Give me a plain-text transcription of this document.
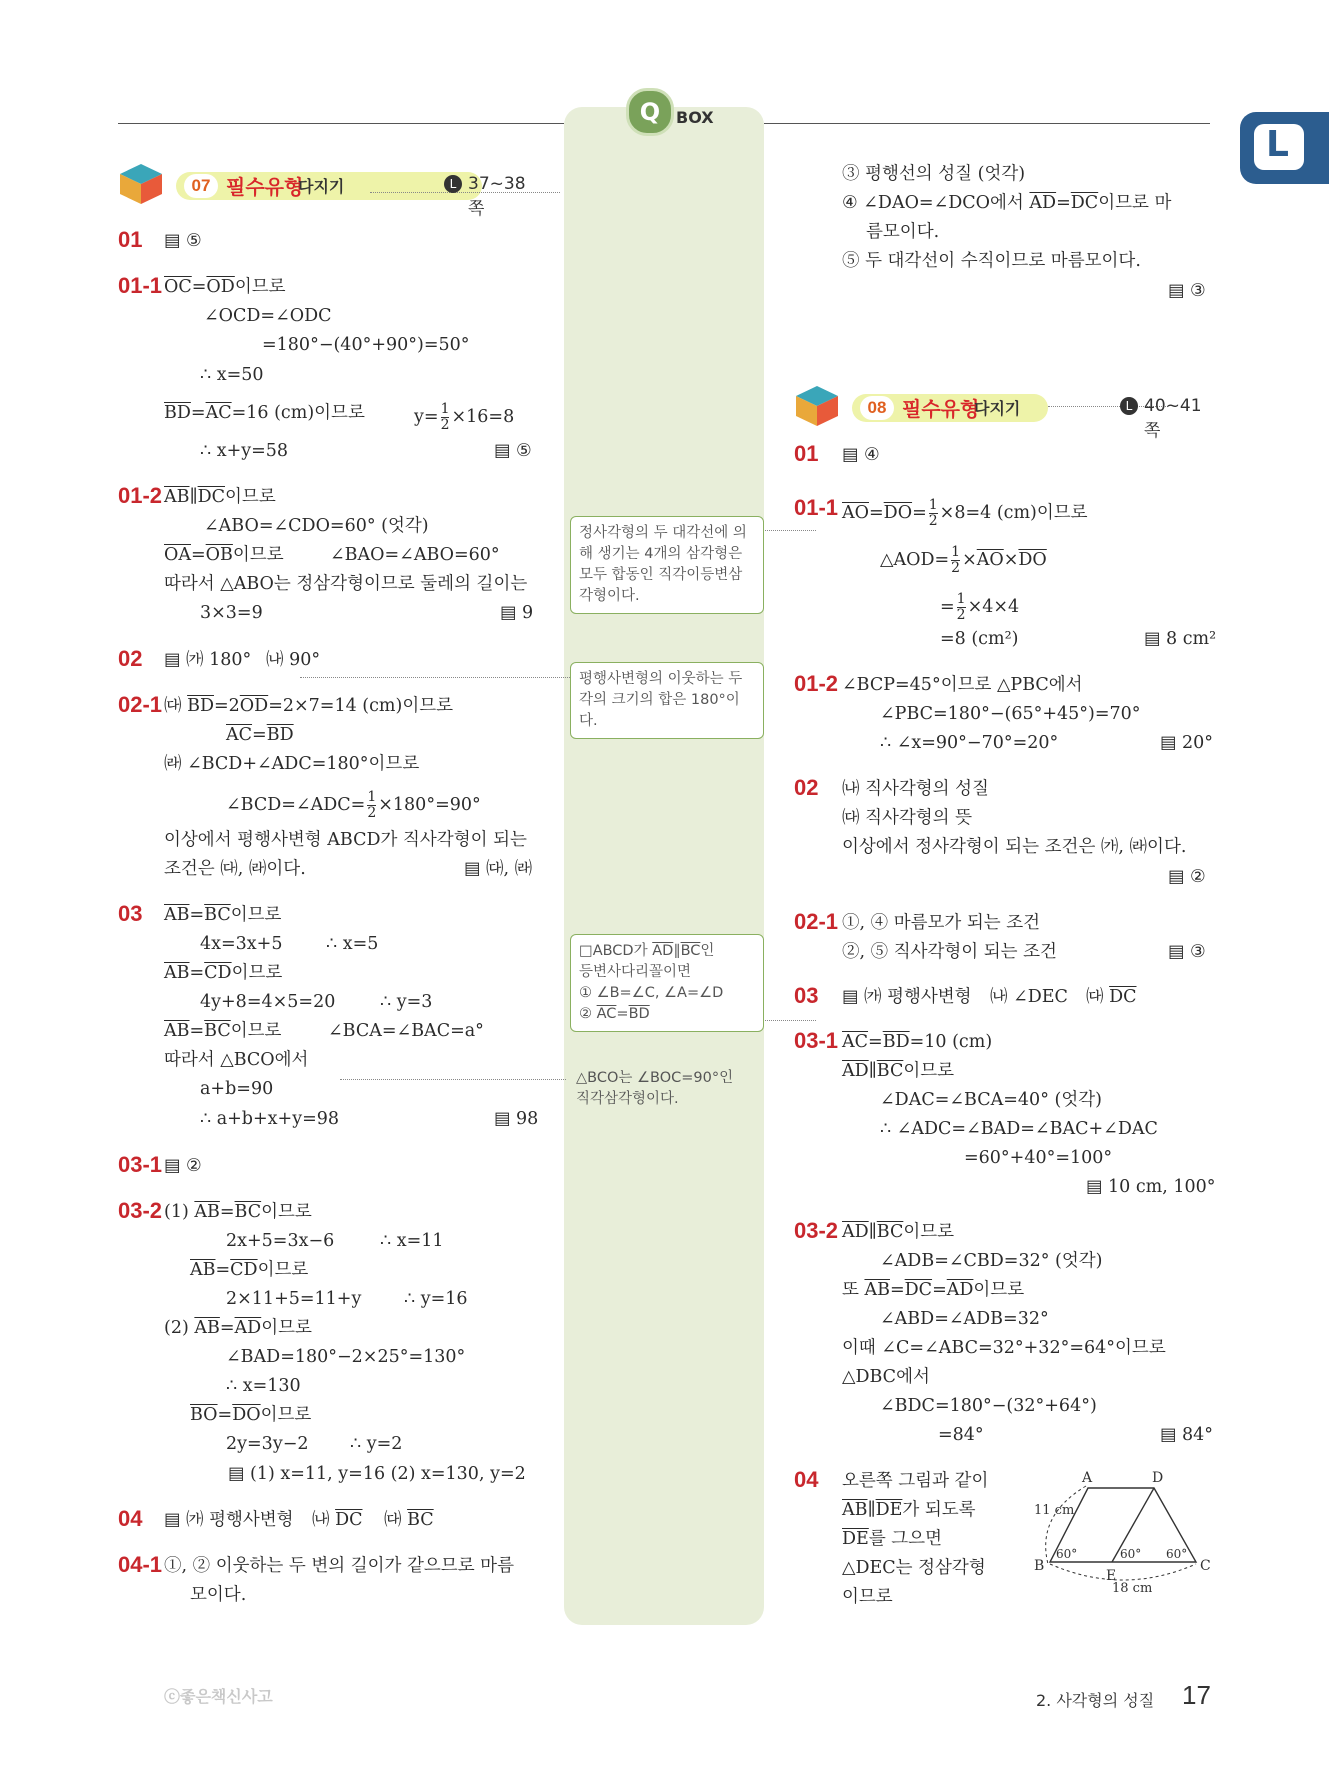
Q BOX
L
07 필수유형
다지기	L 37~38쪽
01 ▤ ⑤
01-1 $\overline{OC}=\overline{OD}$이므로
∠OCD=∠ODC
=180°−(40°+90°)=50°
∴ x=50
$\overline{BD}=\overline{AC}=16$ (cm)이므로	$y= \frac{1}{2} \times 16=8$
∴ x+y=58	▤ ⑤
01-2 $\overline{AB}\parallel\overline{DC}$이므로
∠ABO=∠CDO=60° (엇각)
$\overline{OA}=\overline{OB}$이므로	∠BAO=∠ABO=60°
따라서 △ABO는 정삼각형이므로 둘레의 길이는
3×3=9	▤ 9
02 ▤ ㈎ 180° ㈏ 90°
02-1 ㈐ $\overline{BD}=2\overline{OD}=2\times 7=14$ (cm)이므로
$\overline{AC}=\overline{BD}$
㈑ ∠BCD+∠ADC=180°이므로
∠BCD=∠ADC= $\frac{1}{2} \times 180^\circ=90^\circ$
이상에서 평행사변형 ABCD가 직사각형이 되는
조건은 ㈐, ㈑이다.	▤ ㈐, ㈑
03 $\overline{AB}=\overline{BC}$이므로
4x=3x+5 ∴ x=5
$\overline{AB}=\overline{CD}$이므로
4y+8=4×5=20	∴ y=3
$\overline{AB}=\overline{BC}$이므로	∠BCA=∠BAC=a°
따라서 △BCO에서
a+b=90
∴ a+b+x+y=98	▤ 98
03-1 ▤ ②
03-2 (1) $\overline{AB}=\overline{BC}$이므로
2x+5=3x−6	∴ x=11
$\overline{AB}=\overline{CD}$이므로
2×11+5=11+y ∴ y=16
(2) $\overline{AB}=\overline{AD}$이므로
∠BAD=180°−2×25°=130°
∴ x=130
$\overline{BO}=\overline{DO}$이므로
2y=3y−2 ∴ y=2
▤ (1) x=11, y=16 (2) x=130, y=2
04 ▤ ㈎ 평행사변형 ㈏ $\overline{DC}$ ㈐ $\overline{BC}$
04-1 ①, ② 이웃하는 두 변의 길이가 같으므로 마름
모이다.
정사각형의 두 대각선에 의
해 생기는 4개의 삼각형은
모두 합동인 직각이등변삼
각형이다.
평행사변형의 이웃하는 두
각의 크기의 합은 180°이
다.
□ABCD가 $\overline{AD}\parallel\overline{BC}$인
등변사다리꼴이면
① ∠B=∠C, ∠A=∠D
② $\overline{AC}=\overline{BD}$
△BCO는 ∠BOC=90°인
직각삼각형이다.
③ 평행선의 성질 (엇각)
④ ∠DAO=∠DCO에서 $\overline{AD}=\overline{DC}$이므로 마
름모이다.
⑤ 두 대각선이 수직이므로 마름모이다.
▤ ③
08 필수유형
다지기	L 40~41쪽
01 ▤ ④
01-1 $\overline{AO}=\overline{DO}= \frac{1}{2} \times 8=4$ (cm)이므로
△AOD= $\frac{1}{2} \times\overline{AO}\times\overline{DO}$
= $\frac{1}{2} \times 4\times 4$
=8 (cm²)	▤ 8 cm²
01-2 ∠BCP=45°이므로 △PBC에서
∠PBC=180°−(65°+45°)=70°
∴ ∠x=90°−70°=20°	▤ 20°
02 ㈏ 직사각형의 성질
㈐ 직사각형의 뜻
이상에서 정사각형이 되는 조건은 ㈎, ㈑이다.
▤ ②
02-1 ①, ④ 마름모가 되는 조건
②, ⑤ 직사각형이 되는 조건	▤ ③
03 ▤ ㈎ 평행사변형 ㈏ ∠DEC ㈐ $\overline{DC}$
03-1 $\overline{AC}=\overline{BD}=10$ (cm)
$\overline{AD}\parallel\overline{BC}$이므로
∠DAC=∠BCA=40° (엇각)
∴ ∠ADC=∠BAD=∠BAC+∠DAC
=60°+40°=100°
▤ 10 cm, 100°
03-2 $\overline{AD}\parallel\overline{BC}$이므로
∠ADB=∠CBD=32° (엇각)
또 $\overline{AB}=\overline{DC}=\overline{AD}$이므로
∠ABD=∠ADB=32°
이때 ∠C=∠ABC=32°+32°=64°이므로
△DBC에서
∠BDC=180°−(32°+64°)
=84°	▤ 84°
04 오른쪽 그림과 같이
$\overline{AB}\parallel\overline{DE}$가 되도록
$\overline{DE}$를 그으면
△DEC는 정삼각형
이므로
A	D
B	C
E
11 cm
18 cm
60°	60° 60°
ⓒ좋은책신사고	2. 사각형의 성질 17
